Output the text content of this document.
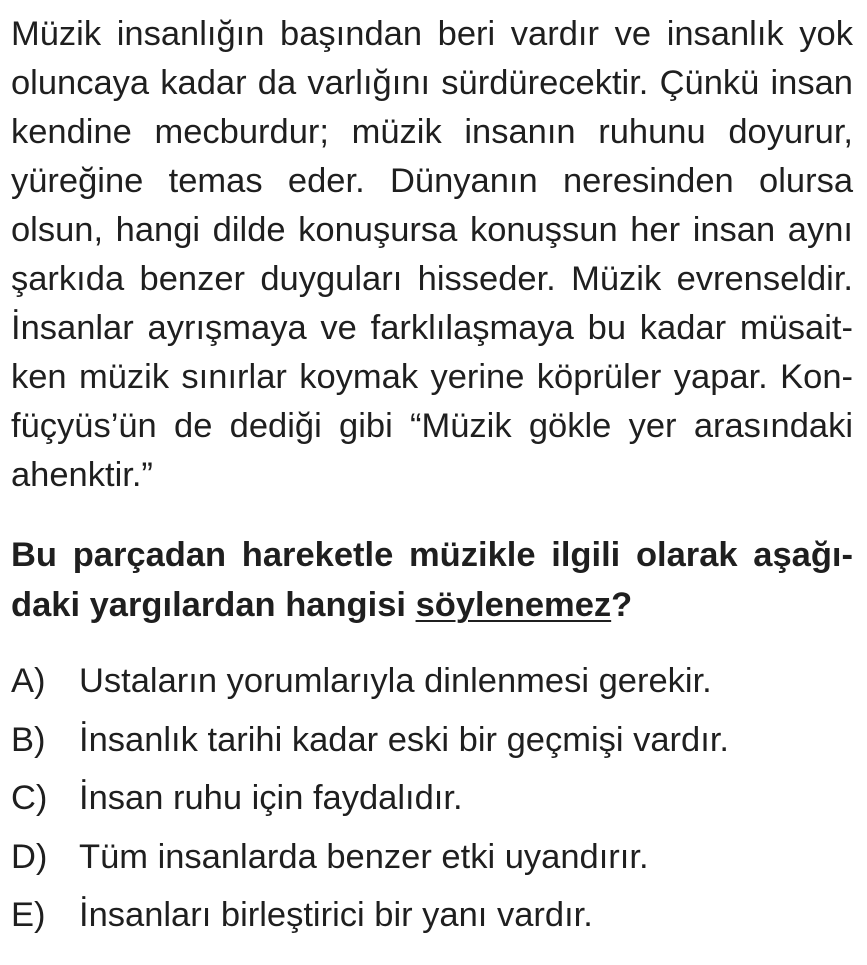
Müzik insanlığın başından beri vardır ve insanlık yok
oluncaya kadar da varlığını sürdürecektir. Çünkü insan
kendine mecburdur; müzik insanın ruhunu doyurur,
yüreğine temas eder. Dünyanın neresinden olursa
olsun, hangi dilde konuşursa konuşsun her insan aynı
şarkıda benzer duyguları hisseder. Müzik evrenseldir.
İnsanlar ayrışmaya ve farklılaşmaya bu kadar müsait-
ken müzik sınırlar koymak yerine köprüler yapar. Kon-
füçyüs’ün de dediği gibi “Müzik gökle yer arasındaki
ahenktir.”

Bu parçadan hareketle müzikle ilgili olarak aşağı-
daki yargılardan hangisi söylenemez?

A) Ustaların yorumlarıyla dinlenmesi gerekir.
B) İnsanlık tarihi kadar eski bir geçmişi vardır.
C) İnsan ruhu için faydalıdır.
D) Tüm insanlarda benzer etki uyandırır.
E) İnsanları birleştirici bir yanı vardır.
